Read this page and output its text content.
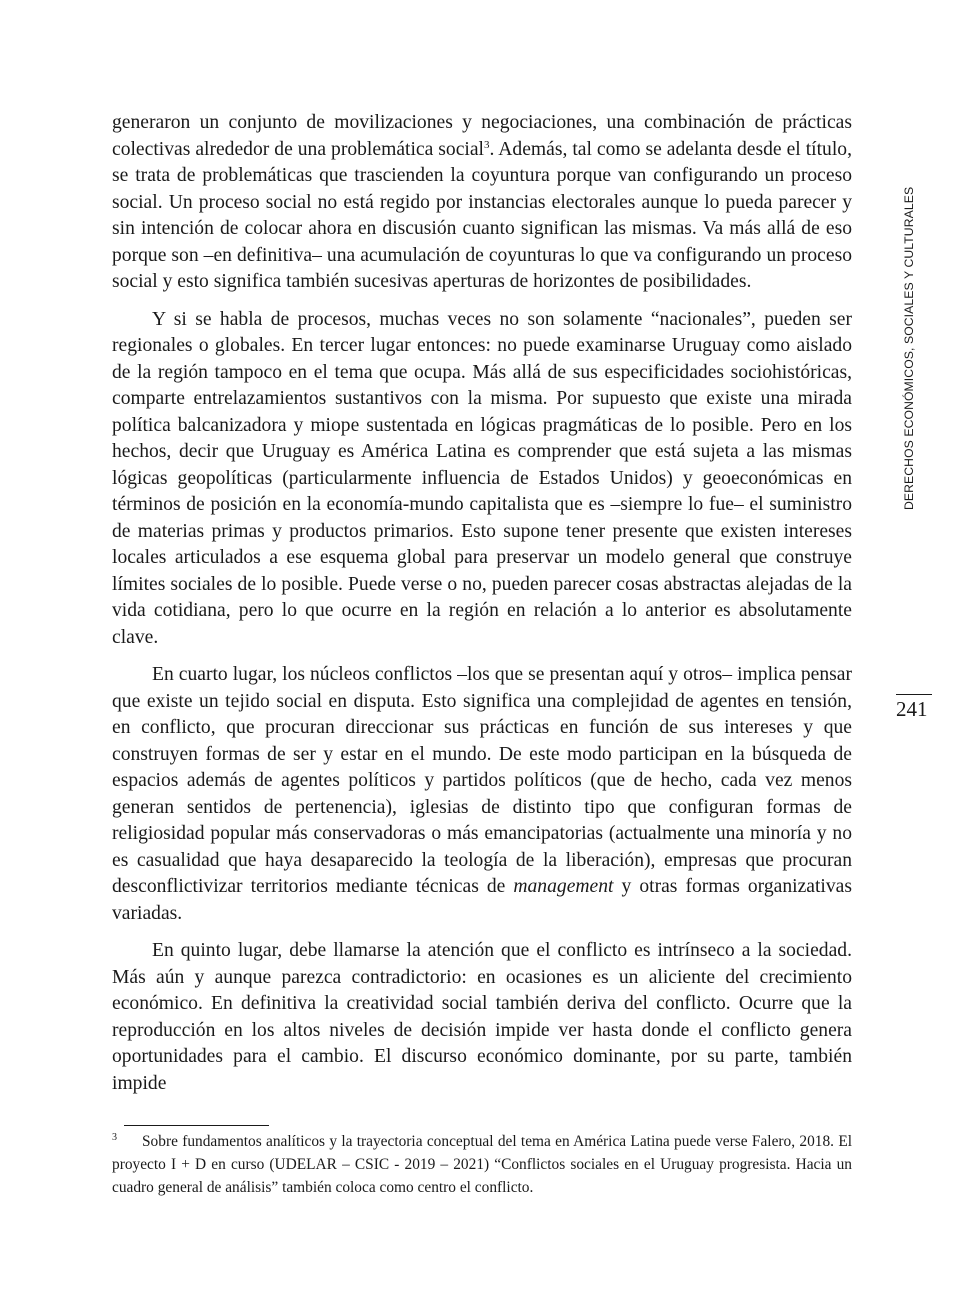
generaron un conjunto de movilizaciones y negociaciones, una combinación de prácticas colectivas alrededor de una problemática social$^3$. Además, tal como se adelanta desde el título, se trata de problemáticas que trascienden la coyuntura porque van configurando un proceso social. Un proceso social no está regido por instancias electorales aunque lo pueda parecer y sin intención de colocar ahora en discusión cuanto significan las mismas. Va más allá de eso porque son –en definitiva– una acumulación de coyunturas lo que va configurando un proceso social y esto significa también sucesivas aperturas de horizontes de posibilidades.

Y si se habla de procesos, muchas veces no son solamente “nacionales”, pueden ser regionales o globales. En tercer lugar entonces: no puede examinarse Uruguay como aislado de la región tampoco en el tema que ocupa. Más allá de sus especificidades sociohistóricas, comparte entrelazamientos sustantivos con la misma. Por supuesto que existe una mirada política balcanizadora y miope sustentada en lógicas pragmáticas de lo posible. Pero en los hechos, decir que Uruguay es América Latina es comprender que está sujeta a las mismas lógicas geopolíticas (particularmente influencia de Estados Unidos) y geoeconómicas en términos de posición en la economía-mundo capitalista que es –siempre lo fue– el suministro de materias primas y productos primarios. Esto supone tener presente que existen intereses locales articulados a ese esquema global para preservar un modelo general que construye límites sociales de lo posible. Puede verse o no, pueden parecer cosas abstractas alejadas de la vida cotidiana, pero lo que ocurre en la región en relación a lo anterior es absolutamente clave.

En cuarto lugar, los núcleos conflictos –los que se presentan aquí y otros– implica pensar que existe un tejido social en disputa. Esto significa una complejidad de agentes en tensión, en conflicto, que procuran direccionar sus prácticas en función de sus intereses y que construyen formas de ser y estar en el mundo. De este modo participan en la búsqueda de espacios además de agentes políticos y partidos políticos (que de hecho, cada vez menos generan sentidos de pertenencia), iglesias de distinto tipo que configuran formas de religiosidad popular más conservadoras o más emancipatorias (actualmente una minoría y no es casualidad que haya desaparecido la teología de la liberación), empresas que procuran desconflictivizar territorios mediante técnicas de management y otras formas organizativas variadas.

En quinto lugar, debe llamarse la atención que el conflicto es intrínseco a la sociedad. Más aún y aunque parezca contradictorio: en ocasiones es un aliciente del crecimiento económico. En definitiva la creatividad social también deriva del conflicto. Ocurre que la reproducción en los altos niveles de decisión impide ver hasta donde el conflicto genera oportunidades para el cambio. El discurso económico dominante, por su parte, también impide

DERECHOS ECONÓMICOS, SOCIALES Y CULTURALES
241
3 Sobre fundamentos analíticos y la trayectoria conceptual del tema en América Latina puede verse Falero, 2018. El proyecto I + D en curso (UDELAR – CSIC - 2019 – 2021) “Conflictos sociales en el Uruguay progresista. Hacia un cuadro general de análisis” también coloca como centro el conflicto.
